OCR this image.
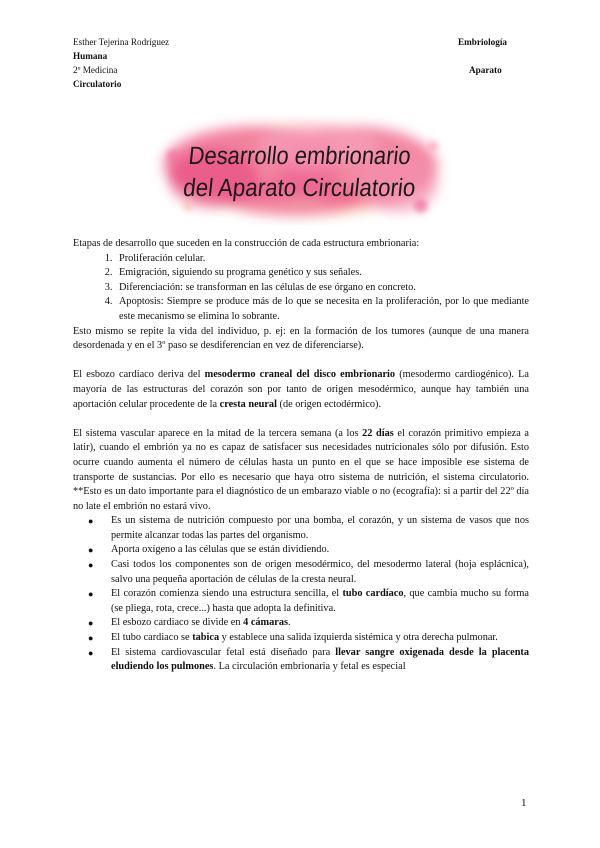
Esther Tejerina Rodríguez	Embriología
Humana
2º Medicina	Aparato
Circulatorio
Desarrollo embrionario
del Aparato Circulatorio

Etapas de desarrollo que suceden en la construcción de cada estructura embrionaria:

1. Proliferación celular.
2. Emigración, siguiendo su programa genético y sus señales.
3. Diferenciación: se transforman en las células de ese órgano en concreto.
4. Apoptosis: Siempre se produce más de lo que se necesita en la proliferación, por lo que mediante este mecanismo se elimina lo sobrante.

Esto mismo se repite la vida del individuo, p. ej: en la formación de los tumores (aunque de una manera desordenada y en el 3º paso se desdiferencian en vez de diferenciarse).

El esbozo cardiaco deriva del mesodermo craneal del disco embrionario (mesodermo cardiogénico). La mayoría de las estructuras del corazón son por tanto de origen mesodérmico, aunque hay también una aportación celular procedente de la cresta neural (de origen ectodérmico).

El sistema vascular aparece en la mitad de la tercera semana (a los 22 días el corazón primitivo empieza a latir), cuando el embrión ya no es capaz de satisfacer sus necesidades nutricionales sólo por difusión. Esto ocurre cuando aumenta el número de células hasta un punto en el que se hace imposible ese sistema de transporte de sustancias. Por ello es necesario que haya otro sistema de nutrición, el sistema circulatorio. **Esto es un dato importante para el diagnóstico de un embarazo viable o no (ecografía): si a partir del 22º día no late el embrión no estará vivo.

● Es un sistema de nutrición compuesto por una bomba, el corazón, y un sistema de vasos que nos permite alcanzar todas las partes del organismo.
● Aporta oxígeno a las células que se están dividiendo.
● Casi todos los componentes son de origen mesodérmico, del mesodermo lateral (hoja esplácnica), salvo una pequeña aportación de células de la cresta neural.
● El corazón comienza siendo una estructura sencilla, el tubo cardíaco, que cambia mucho su forma (se pliega, rota, crece...) hasta que adopta la definitiva.
● El esbozo cardiaco se divide en 4 cámaras.
● El tubo cardiaco se tabica y establece una salida izquierda sistémica y otra derecha pulmonar.
● El sistema cardiovascular fetal está diseñado para llevar sangre oxigenada desde la placenta eludiendo los pulmones. La circulación embrionaria y fetal es especial
1
